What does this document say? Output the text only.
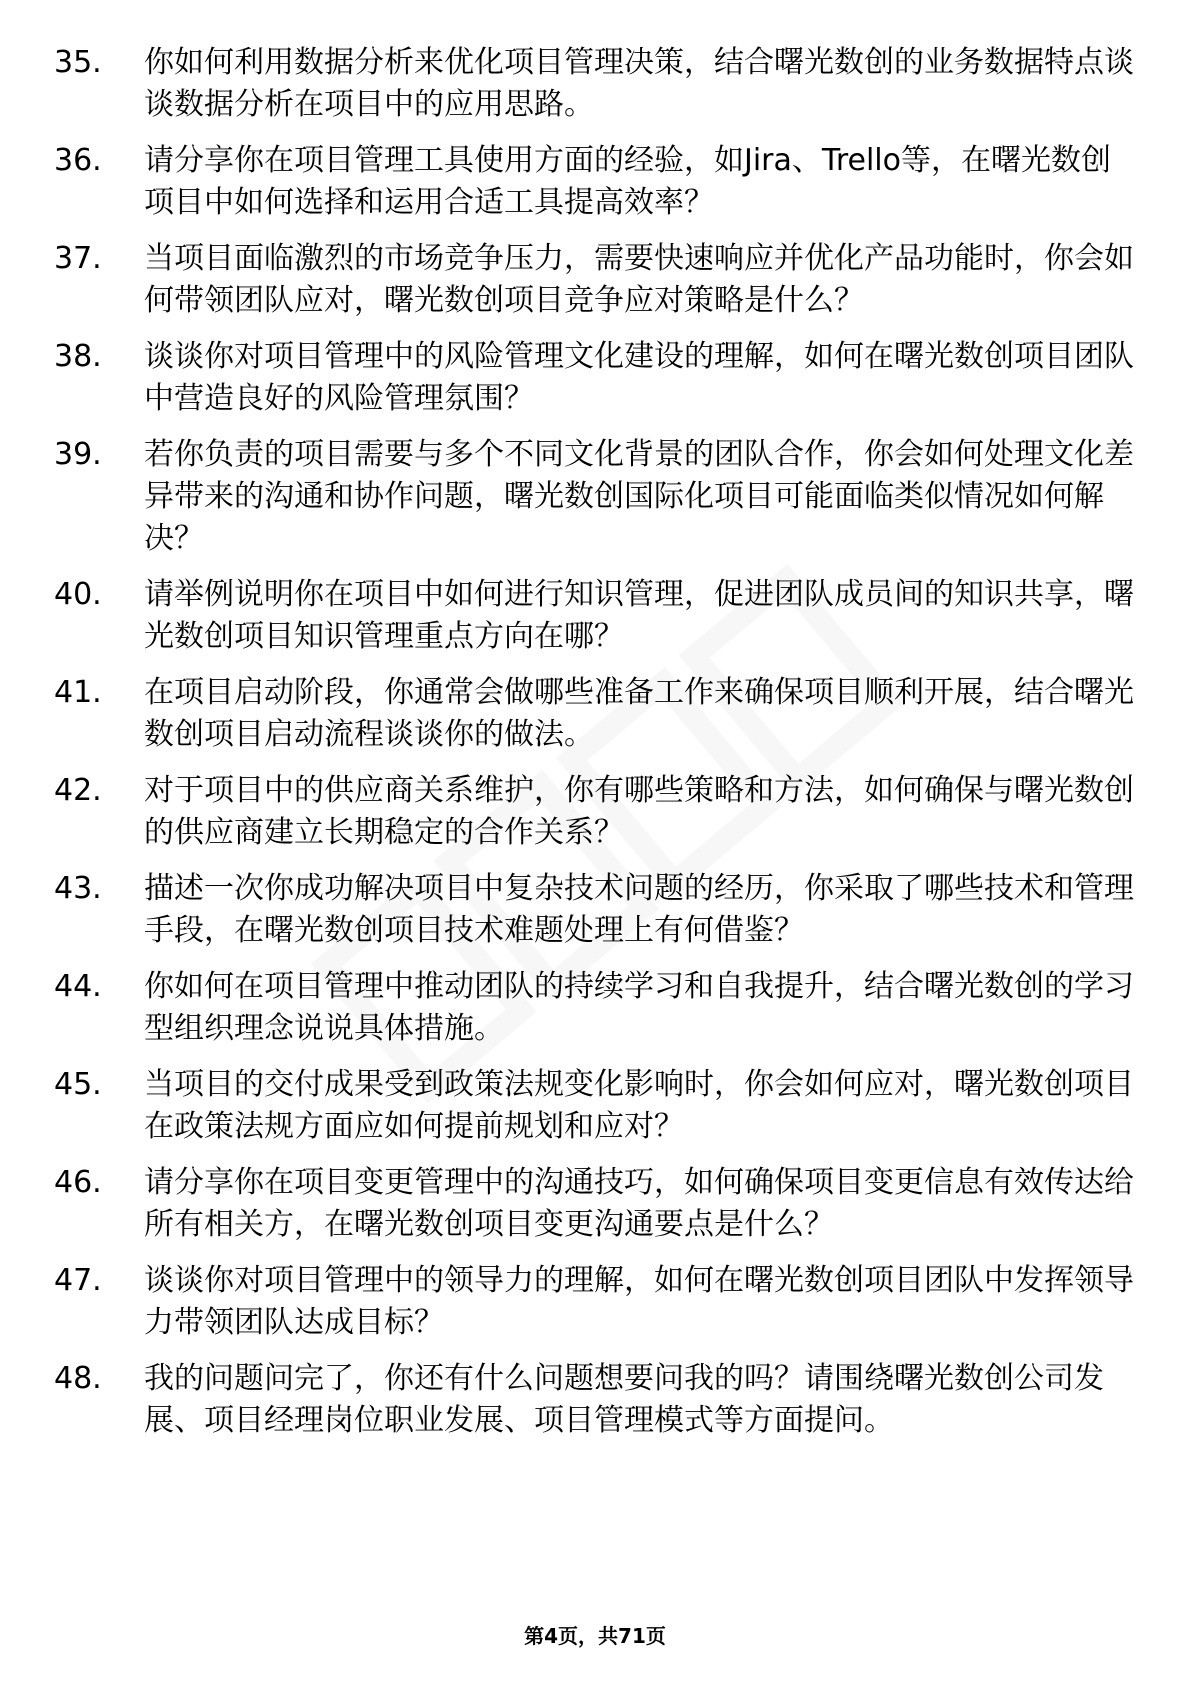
35.	你如何利用数据分析来优化项目管理决策，结合曙光数创的业务数据特点谈谈数据分析在项目中的应用思路。
36.	请分享你在项目管理工具使用方面的经验，如Jira、Trello等，在曙光数创项目中如何选择和运用合适工具提高效率？
37.	当项目面临激烈的市场竞争压力，需要快速响应并优化产品功能时，你会如何带领团队应对，曙光数创项目竞争应对策略是什么？
38.	谈谈你对项目管理中的风险管理文化建设的理解，如何在曙光数创项目团队中营造良好的风险管理氛围？
39.	若你负责的项目需要与多个不同文化背景的团队合作，你会如何处理文化差异带来的沟通和协作问题，曙光数创国际化项目可能面临类似情况如何解决？
40.	请举例说明你在项目中如何进行知识管理，促进团队成员间的知识共享，曙光数创项目知识管理重点方向在哪？
41.	在项目启动阶段，你通常会做哪些准备工作来确保项目顺利开展，结合曙光数创项目启动流程谈谈你的做法。
42.	对于项目中的供应商关系维护，你有哪些策略和方法，如何确保与曙光数创的供应商建立长期稳定的合作关系？
43.	描述一次你成功解决项目中复杂技术问题的经历，你采取了哪些技术和管理手段，在曙光数创项目技术难题处理上有何借鉴？
44.	你如何在项目管理中推动团队的持续学习和自我提升，结合曙光数创的学习型组织理念说说具体措施。
45.	当项目的交付成果受到政策法规变化影响时，你会如何应对，曙光数创项目在政策法规方面应如何提前规划和应对？
46.	请分享你在项目变更管理中的沟通技巧，如何确保项目变更信息有效传达给所有相关方，在曙光数创项目变更沟通要点是什么？
47.	谈谈你对项目管理中的领导力的理解，如何在曙光数创项目团队中发挥领导力带领团队达成目标？
48.	我的问题问完了，你还有什么问题想要问我的吗？请围绕曙光数创公司发展、项目经理岗位职业发展、项目管理模式等方面提问。
第4页，共71页
